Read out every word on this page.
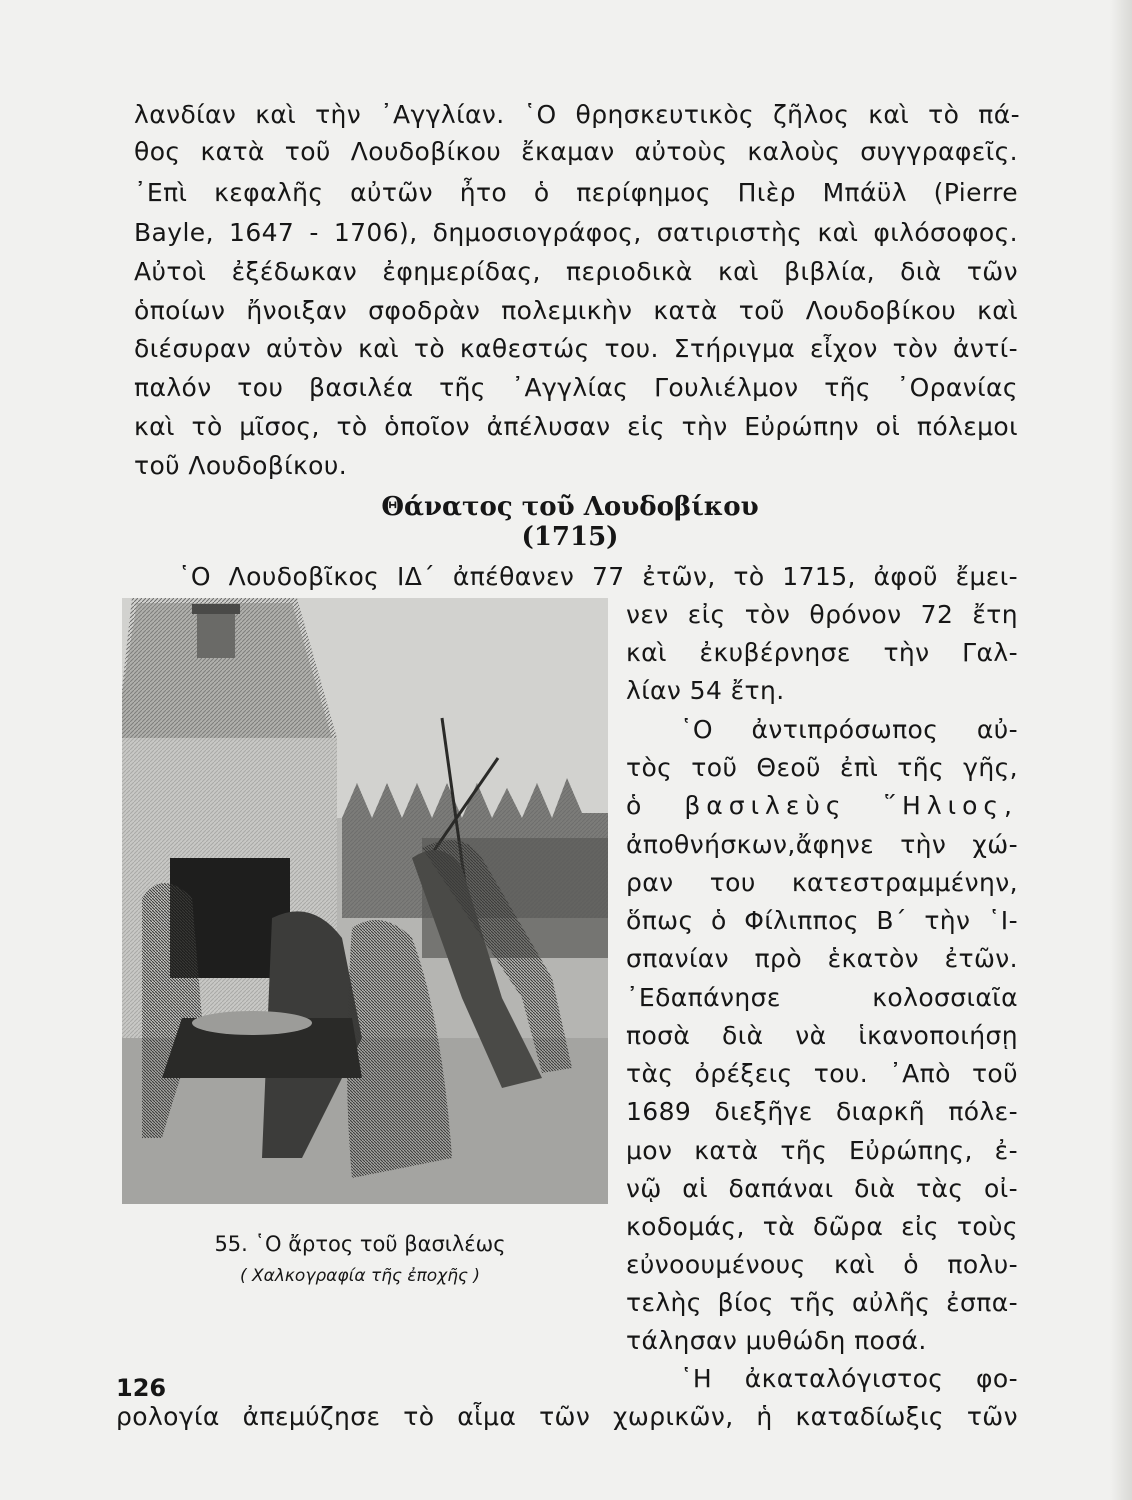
λανδίαν καὶ τὴν ᾿Αγγλίαν. ῾Ο θρησκευτικὸς ζῆλος καὶ τὸ πά-
θος κατὰ τοῦ Λουδοβίκου ἔκαμαν αὐτοὺς καλοὺς συγγραφεῖς.
᾿Επὶ κεφαλῆς αὐτῶν ἦτο ὁ περίφημος Πιὲρ Μπάϋλ (Pierre
Bayle, 1647 - 1706), δημοσιογράφος, σατιριστὴς καὶ φιλόσοφος.
Αὐτοὶ ἐξέδωκαν ἐφημερίδας, περιοδικὰ καὶ βιβλία, διὰ τῶν
ὁποίων ἤνοιξαν σφοδρὰν πολεμικὴν κατὰ τοῦ Λουδοβίκου καὶ
διέσυραν αὐτὸν καὶ τὸ καθεστώς του. Στήριγμα εἶχον τὸν ἀντί-
παλόν του βασιλέα τῆς ᾿Αγγλίας Γουλιέλμον τῆς ᾿Ορανίας
καὶ τὸ μῖσος, τὸ ὁποῖον ἀπέλυσαν εἰς τὴν Εὐρώπην οἱ πόλεμοι
τοῦ Λουδοβίκου.
Θάνατος τοῦ Λουδοβίκου (1715)
῾Ο Λουδοβῖκος ΙΔ΄ ἀπέθανεν 77 ἐτῶν, τὸ 1715, ἀφοῦ ἔμει-
55. ῾Ο ἄρτος τοῦ βασιλέως
( Χαλκογραφία τῆς ἐποχῆς )
νεν εἰς τὸν θρόνον 72 ἔτη
καὶ ἐκυβέρνησε τὴν Γαλ-
λίαν 54 ἔτη.
῾Ο ἀντιπρόσωπος αὐ-
τὸς τοῦ Θεοῦ ἐπὶ τῆς γῆς,
ὁ βασιλεὺς ῞Ηλιος,
ἀποθνήσκων,ἄφηνε τὴν χώ-
ραν του κατεστραμμένην,
ὅπως ὁ Φίλιππος Β΄ τὴν ῾Ι-
σπανίαν πρὸ ἑκατὸν ἐτῶν.
᾿Εδαπάνησε κολοσσιαῖα
ποσὰ διὰ νὰ ἱκανοποιήσῃ
τὰς ὀρέξεις του. ᾿Απὸ τοῦ
1689 διεξῆγε διαρκῆ πόλε-
μον κατὰ τῆς Εὐρώπης, ἐ-
νῷ αἱ δαπάναι διὰ τὰς οἰ-
κοδομάς, τὰ δῶρα εἰς τοὺς
εὐνοουμένους καὶ ὁ πολυ-
τελὴς βίος τῆς αὐλῆς ἐσπα-
τάλησαν μυθώδη ποσά.
῾Η ἀκαταλόγιστος φο-
ρολογία ἀπεμύζησε τὸ αἷμα τῶν χωρικῶν, ἡ καταδίωξις τῶν
126
